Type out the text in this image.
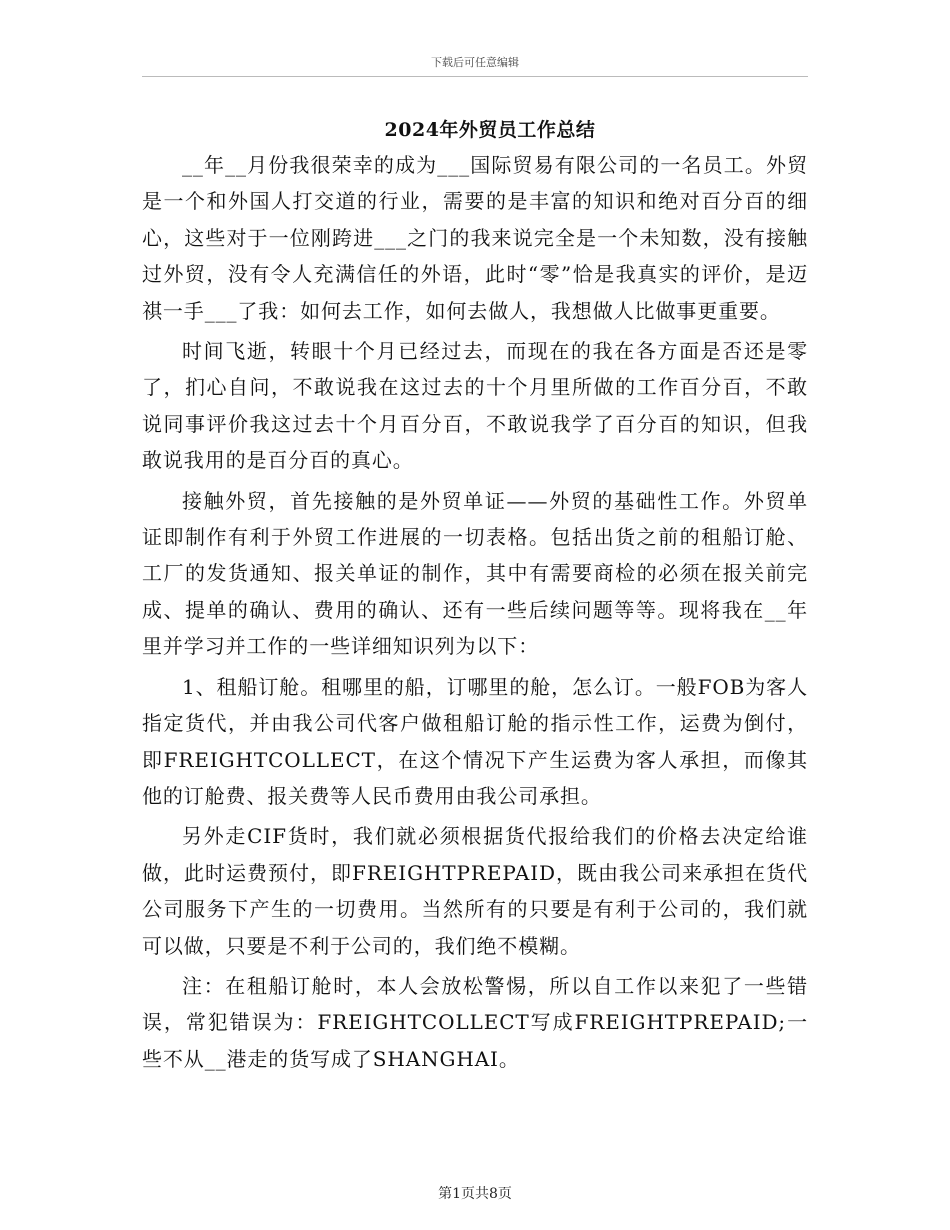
下载后可任意编辑
2024年外贸员工作总结

__年__月份我很荣幸的成为___国际贸易有限公司的一名员工。外贸是一个和外国人打交道的行业，需要的是丰富的知识和绝对百分百的细心，这些对于一位刚跨进___之门的我来说完全是一个未知数，没有接触过外贸，没有令人充满信任的外语，此时“零”恰是我真实的评价，是迈祺一手___了我：如何去工作，如何去做人，我想做人比做事更重要。

时间飞逝，转眼十个月已经过去，而现在的我在各方面是否还是零了，扪心自问，不敢说我在这过去的十个月里所做的工作百分百，不敢说同事评价我这过去十个月百分百，不敢说我学了百分百的知识，但我敢说我用的是百分百的真心。

接触外贸，首先接触的是外贸单证——外贸的基础性工作。外贸单证即制作有利于外贸工作进展的一切表格。包括出货之前的租船订舱、工厂的发货通知、报关单证的制作，其中有需要商检的必须在报关前完成、提单的确认、费用的确认、还有一些后续问题等等。现将我在__年里并学习并工作的一些详细知识列为以下：

1、租船订舱。租哪里的船，订哪里的舱，怎么订。一般FOB为客人指定货代，并由我公司代客户做租船订舱的指示性工作，运费为倒付，即FREIGHTCOLLECT，在这个情况下产生运费为客人承担，而像其他的订舱费、报关费等人民币费用由我公司承担。

另外走CIF货时，我们就必须根据货代报给我们的价格去决定给谁做，此时运费预付，即FREIGHTPREPAID，既由我公司来承担在货代公司服务下产生的一切费用。当然所有的只要是有利于公司的，我们就可以做，只要是不利于公司的，我们绝不模糊。

注：在租船订舱时，本人会放松警惕，所以自工作以来犯了一些错误，常犯错误为：FREIGHTCOLLECT写成FREIGHTPREPAID;一些不从__港走的货写成了SHANGHAI。

第1页共8页
